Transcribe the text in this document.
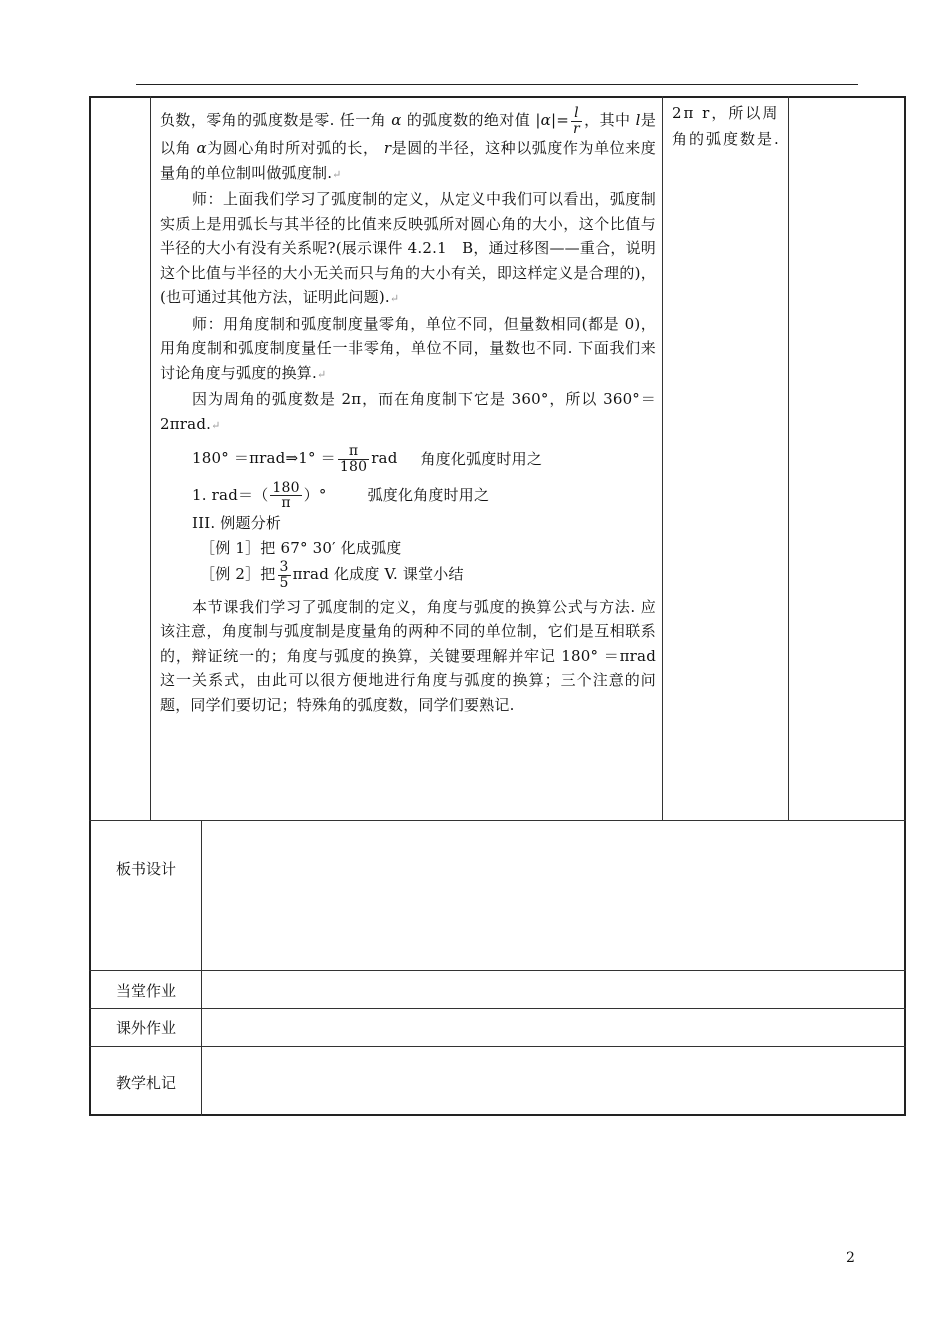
负数，零角的弧度数是零. 任一角 α 的弧度数的绝对值 $|\alpha|= \frac{l}{r}$ ，其中 l是以角 α为圆心角时所对弧的长， r是圆的半径，这种以弧度作为单位来度量角的单位制叫做弧度制.↵

师：上面我们学习了弧度制的定义，从定义中我们可以看出，弧度制实质上是用弧长与其半径的比值来反映弧所对圆心角的大小，这个比值与半径的大小有没有关系呢?(展示课件 4.2.1　B，通过移图——重合，说明这个比值与半径的大小无关而只与角的大小有关，即这样定义是合理的)，(也可通过其他方法，证明此问题).↵

师：用角度制和弧度制度量零角，单位不同，但量数相同(都是 0)，用角度制和弧度制度量任一非零角，单位不同，量数也不同. 下面我们来讨论角度与弧度的换算.↵

因为周角的弧度数是 2π，而在角度制下它是 360°，所以 360°＝2πrad.↵

180° ＝πrad⇒1° ＝ $\frac{\pi}{180}$ rad 角度化弧度时用之
1. $rad=( \frac{180}{\pi}$ ）°	弧度化角度时用之
III. 例题分析
［例 1］把 67° 30′ 化成弧度
［例 2］把 $\frac{3}{5}$ πrad 化成度 V. 课堂小结

本节课我们学习了弧度制的定义，角度与弧度的换算公式与方法. 应该注意，角度制与弧度制是度量角的两种不同的单位制，它们是互相联系的，辩证统一的；角度与弧度的换算，关键要理解并牢记 180° ＝πrad 这一关系式，由此可以很方便地进行角度与弧度的换算；三个注意的问题，同学们要切记；特殊角的弧度数，同学们要熟记.

2π r，所以周角的弧度数是.
板书设计
当堂作业
课外作业
教学札记
2
